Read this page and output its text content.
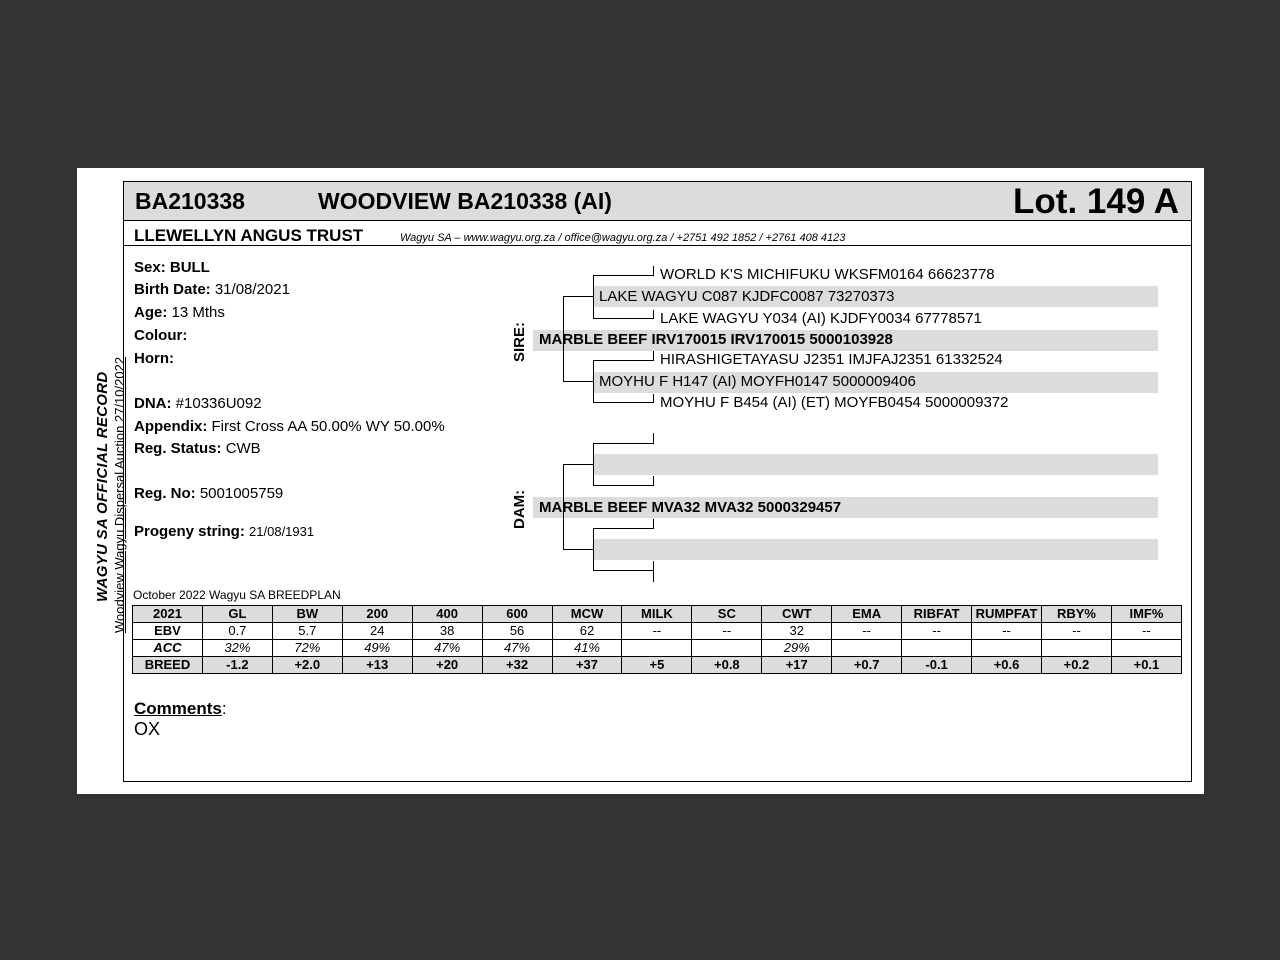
WAGYU SA OFFICIAL RECORD Woodview Wagyu Dispersal Auction 27/10/2022
BA210338	WOODVIEW BA210338 (AI)	Lot. 149 A
LLEWELLYN ANGUS TRUST	Wagyu SA – www.wagyu.org.za / office@wagyu.org.za / +2751 492 1852 / +2761 408 4123
Sex: BULL
Birth Date: 31/08/2021
Age: 13 Mths
Colour:
Horn:
DNA: #10336U092
Appendix: First Cross AA 50.00% WY 50.00%
Reg. Status: CWB
Reg. No: 5001005759
Progeny string: 21/08/1931
SIRE:
DAM:
WORLD K'S MICHIFUKU WKSFM0164 66623778
LAKE WAGYU C087 KJDFC0087 73270373
LAKE WAGYU Y034 (AI) KJDFY0034 67778571
MARBLE BEEF IRV170015 IRV170015 5000103928
HIRASHIGETAYASU J2351 IMJFAJ2351 61332524
MOYHU F H147 (AI) MOYFH0147 5000009406
MOYHU F B454 (AI) (ET) MOYFB0454 5000009372
MARBLE BEEF MVA32 MVA32 5000329457
October 2022 Wagyu SA BREEDPLAN
2021	GL	BW	200	400	600	MCW	MILK	SC	CWT	EMA	RIBFAT	RUMPFAT	RBY%	IMF%
EBV	0.7	5.7	24	38	56	62	--	--	32	--	--	--	--	--
ACC	32%	72%	49%	47%	47%	41%			29%					
BREED	-1.2	+2.0	+13	+20	+32	+37	+5	+0.8	+17	+0.7	-0.1	+0.6	+0.2	+0.1
Comments:
OX
